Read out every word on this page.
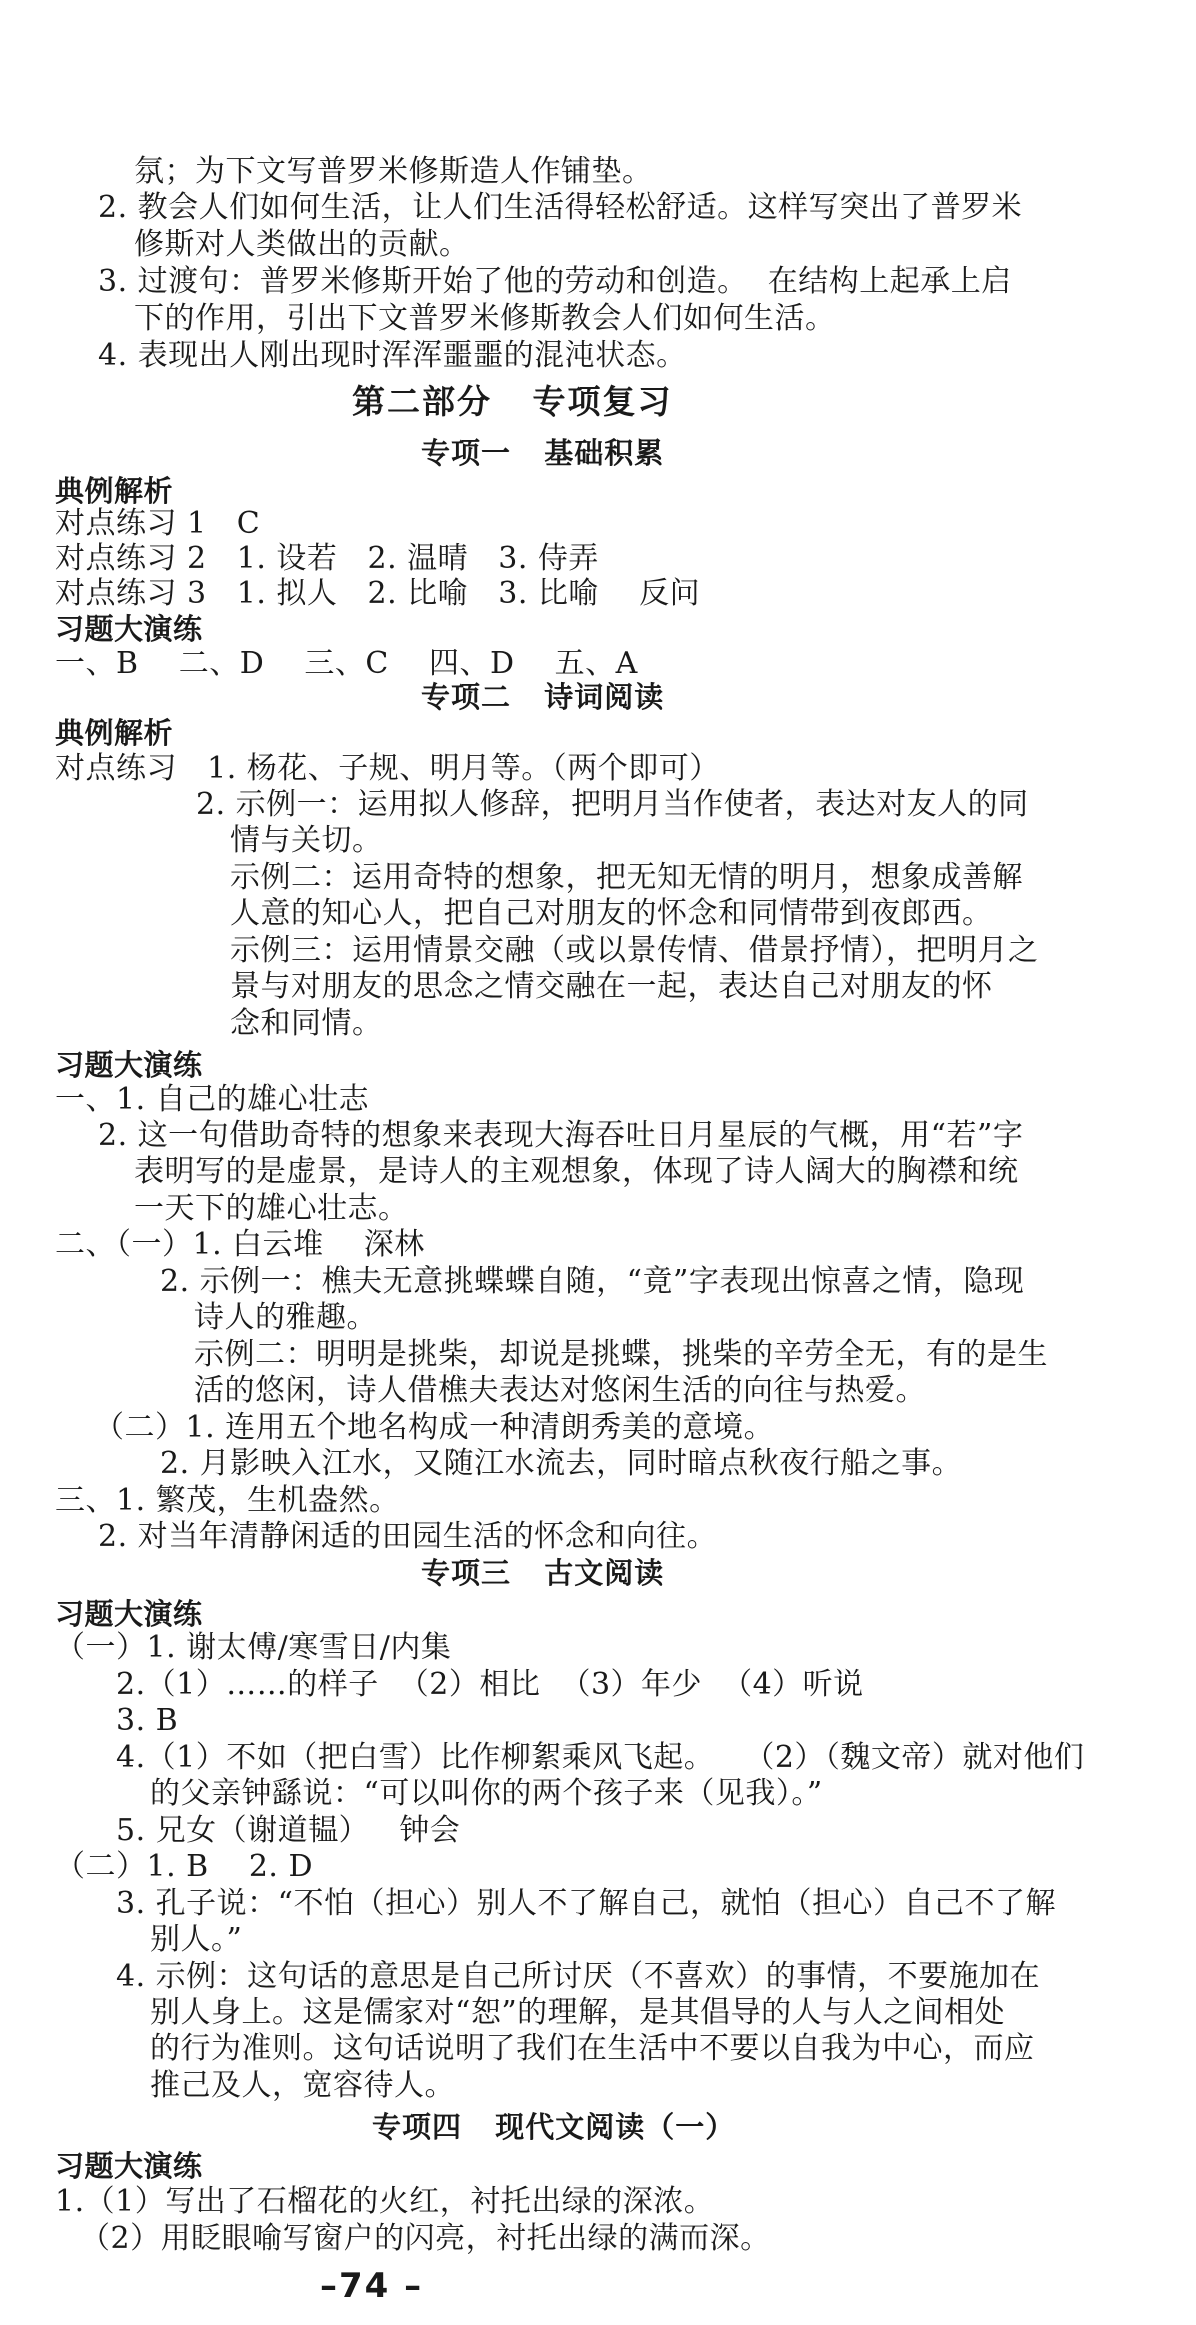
氛；为下文写普罗米修斯造人作铺垫。
2. 教会人们如何生活，让人们生活得轻松舒适。这样写突出了普罗米
修斯对人类做出的贡献。
3. 过渡句：普罗米修斯开始了他的劳动和创造。  在结构上起承上启
下的作用，引出下文普罗米修斯教会人们如何生活。
4. 表现出人刚出现时浑浑噩噩的混沌状态。
第二部分   专项复习
专项一   基础积累
典例解析
对点练习 1   C
对点练习 2   1. 设若   2. 温晴   3. 侍弄
对点练习 3   1. 拟人   2. 比喻   3. 比喻    反问
习题大演练
一、B    二、D    三、C    四、D    五、A
专项二   诗词阅读
典例解析
对点练习   1. 杨花、子规、明月等。（两个即可）
2. 示例一：运用拟人修辞，把明月当作使者，表达对友人的同
情与关切。
示例二：运用奇特的想象，把无知无情的明月，想象成善解
人意的知心人，把自己对朋友的怀念和同情带到夜郎西。
示例三：运用情景交融（或以景传情、借景抒情），把明月之
景与对朋友的思念之情交融在一起，表达自己对朋友的怀
念和同情。
习题大演练
一、1. 自己的雄心壮志
2. 这一句借助奇特的想象来表现大海吞吐日月星辰的气概，用“若”字
表明写的是虚景，是诗人的主观想象，体现了诗人阔大的胸襟和统
一天下的雄心壮志。
二、（一）1. 白云堆    深林
2. 示例一：樵夫无意挑蝶蝶自随，“竟”字表现出惊喜之情，隐现
诗人的雅趣。
示例二：明明是挑柴，却说是挑蝶，挑柴的辛劳全无，有的是生
活的悠闲，诗人借樵夫表达对悠闲生活的向往与热爱。
（二）1. 连用五个地名构成一种清朗秀美的意境。
2. 月影映入江水，又随江水流去，同时暗点秋夜行船之事。
三、1. 繁茂，生机盎然。
2. 对当年清静闲适的田园生活的怀念和向往。
专项三   古文阅读
习题大演练
（一）1. 谢太傅/寒雪日/内集
2.（1）……的样子  （2）相比  （3）年少  （4）听说
3. B
4.（1）不如（把白雪）比作柳絮乘风飞起。   （2）（魏文帝）就对他们
的父亲钟繇说：“可以叫你的两个孩子来（见我）。”
5. 兄女（谢道韫）   钟会
（二）1. B    2. D
3. 孔子说：“不怕（担心）别人不了解自己，就怕（担心）自己不了解
别人。”
4. 示例：这句话的意思是自己所讨厌（不喜欢）的事情，不要施加在
别人身上。这是儒家对“恕”的理解，是其倡导的人与人之间相处
的行为准则。这句话说明了我们在生活中不要以自我为中心，而应
推己及人，宽容待人。
专项四   现代文阅读（一）
习题大演练
1.（1）写出了石榴花的火红，衬托出绿的深浓。
（2）用眨眼喻写窗户的闪亮，衬托出绿的满而深。
–74 –
